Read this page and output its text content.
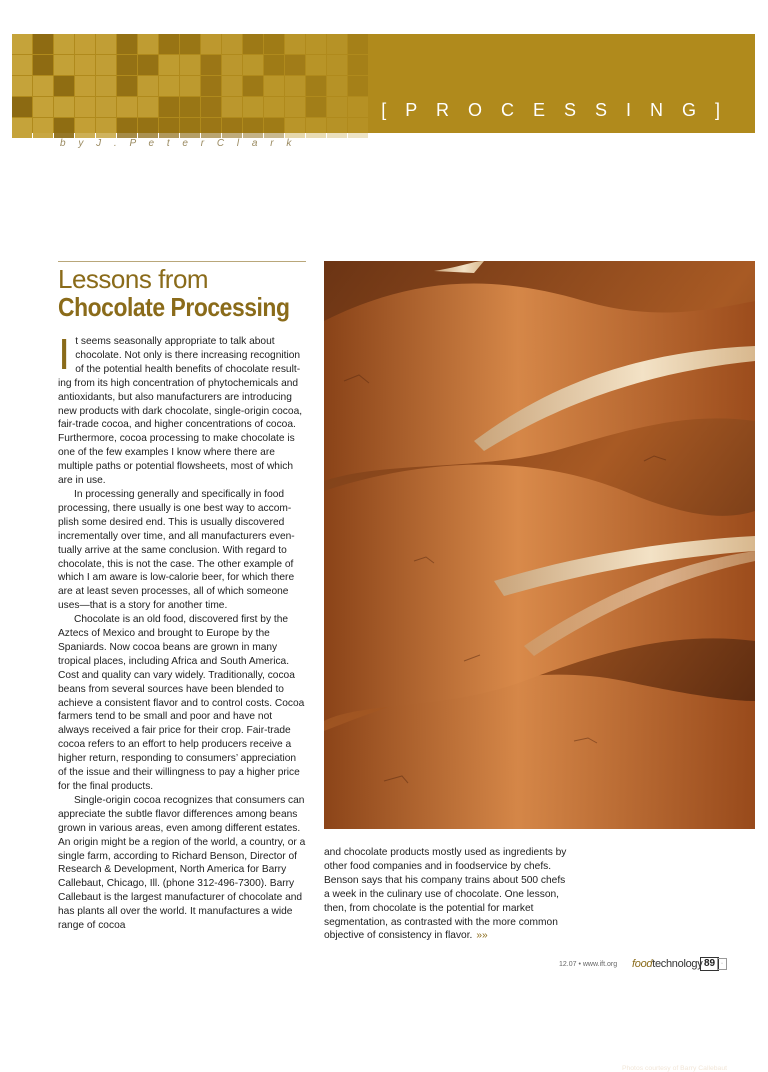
[ P R O C E S S I N G ]
b y J . P e t e r C l a r k
Lessons from
Chocolate Processing

It seems seasonally appropriate to talk about chocolate. Not only is there increasing recognition of the potential health benefits of chocolate resulting from its high concentration of phytochemicals and antioxidants, but also manufacturers are introducing new products with dark chocolate, single-origin cocoa, fair-trade cocoa, and higher concentrations of cocoa. Furthermore, cocoa processing to make chocolate is one of the few examples I know where there are multiple paths or potential flowsheets, most of which are in use.

In processing generally and specifically in food processing, there usually is one best way to accomplish some desired end. This is usually discovered incrementally over time, and all manufacturers eventually arrive at the same conclusion. With regard to chocolate, this is not the case. The other example of which I am aware is low-calorie beer, for which there are at least seven processes, all of which someone uses—that is a story for another time.

Chocolate is an old food, discovered first by the Aztecs of Mexico and brought to Europe by the Spaniards. Now cocoa beans are grown in many tropical places, including Africa and South America. Cost and quality can vary widely. Traditionally, cocoa beans from several sources have been blended to achieve a consistent flavor and to control costs. Cocoa farmers tend to be small and poor and have not always received a fair price for their crop. Fair-trade cocoa refers to an effort to help producers receive a higher return, responding to consumers’ appreciation of the issue and their willingness to pay a higher price for the final products.

Single-origin cocoa recognizes that consumers can appreciate the subtle flavor differences among beans grown in various areas, even among different estates. An origin might be a region of the world, a country, or a single farm, according to Richard Benson, Director of Research & Development, North America for Barry Callebaut, Chicago, Ill. (phone 312-496-7300). Barry Callebaut is the largest manufacturer of chocolate and has plants all over the world. It manufactures a wide range of cocoa

Blending chocolate
Photos courtesy of Barry Callebaut

and chocolate products mostly used as ingredients by other food companies and in foodservice by chefs. Benson says that his company trains about 500 chefs a week in the culinary use of chocolate. One lesson, then, from chocolate is the potential for market segmentation, as contrasted with the more common objective of consistency in flavor. »»

12.07 • www.ift.org foodtechnology 89	▫
